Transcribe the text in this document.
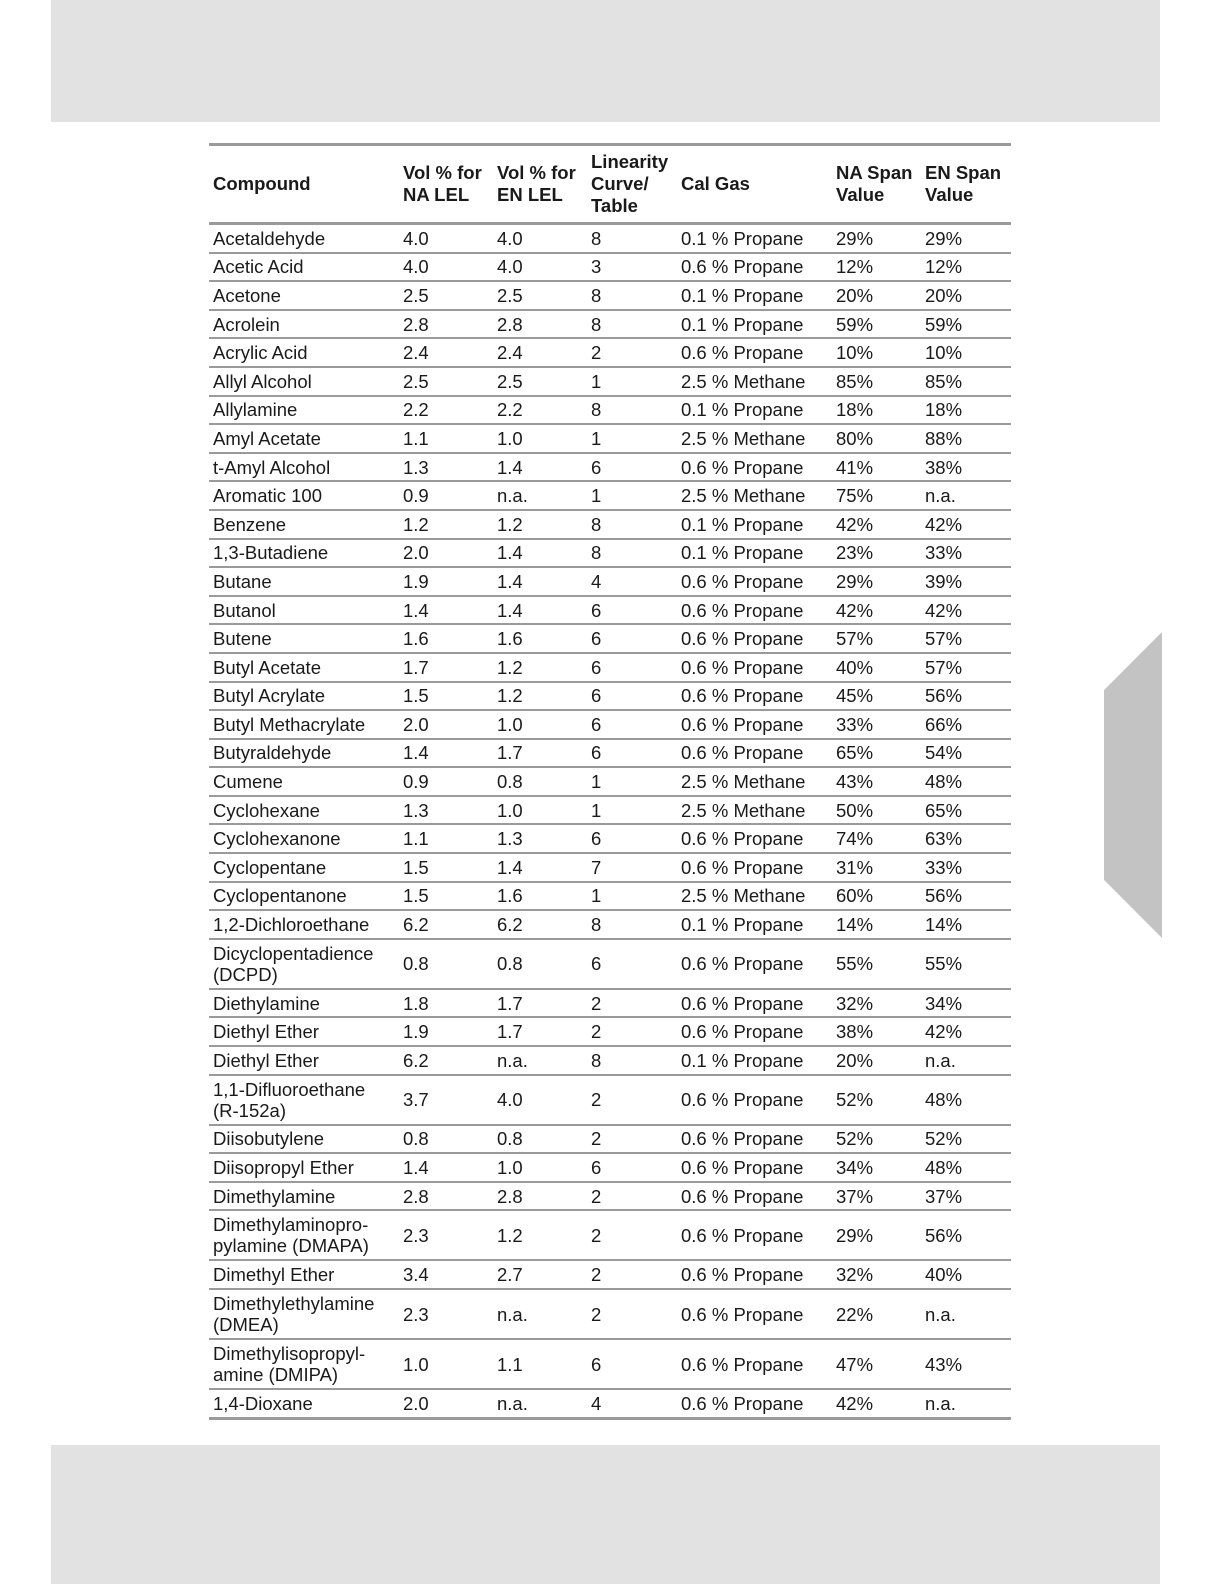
Compound	Vol % for NA LEL	Vol % for EN LEL	Linearity Curve/ Table	Cal Gas	NA Span Value	EN Span Value
Acetaldehyde	4.0	4.0	8	0.1 % Propane	29%	29%
Acetic Acid	4.0	4.0	3	0.6 % Propane	12%	12%
Acetone	2.5	2.5	8	0.1 % Propane	20%	20%
Acrolein	2.8	2.8	8	0.1 % Propane	59%	59%
Acrylic Acid	2.4	2.4	2	0.6 % Propane	10%	10%
Allyl Alcohol	2.5	2.5	1	2.5 % Methane	85%	85%
Allylamine	2.2	2.2	8	0.1 % Propane	18%	18%
Amyl Acetate	1.1	1.0	1	2.5 % Methane	80%	88%
t-Amyl Alcohol	1.3	1.4	6	0.6 % Propane	41%	38%
Aromatic 100	0.9	n.a.	1	2.5 % Methane	75%	n.a.
Benzene	1.2	1.2	8	0.1 % Propane	42%	42%
1,3-Butadiene	2.0	1.4	8	0.1 % Propane	23%	33%
Butane	1.9	1.4	4	0.6 % Propane	29%	39%
Butanol	1.4	1.4	6	0.6 % Propane	42%	42%
Butene	1.6	1.6	6	0.6 % Propane	57%	57%
Butyl Acetate	1.7	1.2	6	0.6 % Propane	40%	57%
Butyl Acrylate	1.5	1.2	6	0.6 % Propane	45%	56%
Butyl Methacrylate	2.0	1.0	6	0.6 % Propane	33%	66%
Butyraldehyde	1.4	1.7	6	0.6 % Propane	65%	54%
Cumene	0.9	0.8	1	2.5 % Methane	43%	48%
Cyclohexane	1.3	1.0	1	2.5 % Methane	50%	65%
Cyclohexanone	1.1	1.3	6	0.6 % Propane	74%	63%
Cyclopentane	1.5	1.4	7	0.6 % Propane	31%	33%
Cyclopentanone	1.5	1.6	1	2.5 % Methane	60%	56%
1,2-Dichloroethane	6.2	6.2	8	0.1 % Propane	14%	14%
Dicyclopentadience (DCPD)	0.8	0.8	6	0.6 % Propane	55%	55%
Diethylamine	1.8	1.7	2	0.6 % Propane	32%	34%
Diethyl Ether	1.9	1.7	2	0.6 % Propane	38%	42%
Diethyl Ether	6.2	n.a.	8	0.1 % Propane	20%	n.a.
1,1-Difluoroethane (R-152a)	3.7	4.0	2	0.6 % Propane	52%	48%
Diisobutylene	0.8	0.8	2	0.6 % Propane	52%	52%
Diisopropyl Ether	1.4	1.0	6	0.6 % Propane	34%	48%
Dimethylamine	2.8	2.8	2	0.6 % Propane	37%	37%
Dimethylaminopro-pylamine (DMAPA)	2.3	1.2	2	0.6 % Propane	29%	56%
Dimethyl Ether	3.4	2.7	2	0.6 % Propane	32%	40%
Dimethylethylamine (DMEA)	2.3	n.a.	2	0.6 % Propane	22%	n.a.
Dimethylisopropyl-amine (DMIPA)	1.0	1.1	6	0.6 % Propane	47%	43%
1,4-Dioxane	2.0	n.a.	4	0.6 % Propane	42%	n.a.
